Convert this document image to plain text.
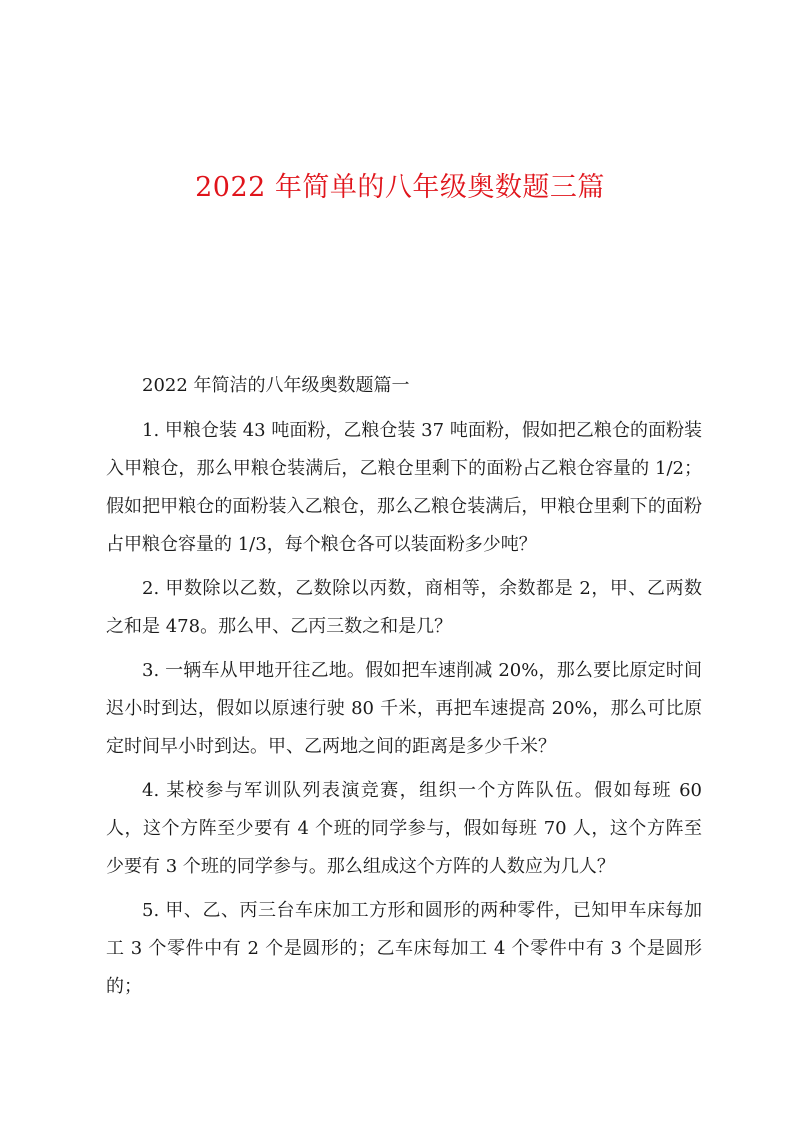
2022 年简单的八年级奥数题三篇

2022 年简洁的八年级奥数题篇一

1. 甲粮仓装 43 吨面粉，乙粮仓装 37 吨面粉，假如把乙粮仓的面粉装入甲粮仓，那么甲粮仓装满后，乙粮仓里剩下的面粉占乙粮仓容量的 1/2；假如把甲粮仓的面粉装入乙粮仓，那么乙粮仓装满后，甲粮仓里剩下的面粉占甲粮仓容量的 1/3，每个粮仓各可以装面粉多少吨？

2. 甲数除以乙数，乙数除以丙数，商相等，余数都是 2，甲、乙两数之和是 478。那么甲、乙丙三数之和是几？

3. 一辆车从甲地开往乙地。假如把车速削减 20%，那么要比原定时间迟小时到达，假如以原速行驶 80 千米，再把车速提高 20%，那么可比原定时间早小时到达。甲、乙两地之间的距离是多少千米？

4. 某校参与军训队列表演竞赛，组织一个方阵队伍。假如每班 60 人，这个方阵至少要有 4 个班的同学参与，假如每班 70 人，这个方阵至少要有 3 个班的同学参与。那么组成这个方阵的人数应为几人？

5. 甲、乙、丙三台车床加工方形和圆形的两种零件，已知甲车床每加工 3 个零件中有 2 个是圆形的；乙车床每加工 4 个零件中有 3 个是圆形的；
